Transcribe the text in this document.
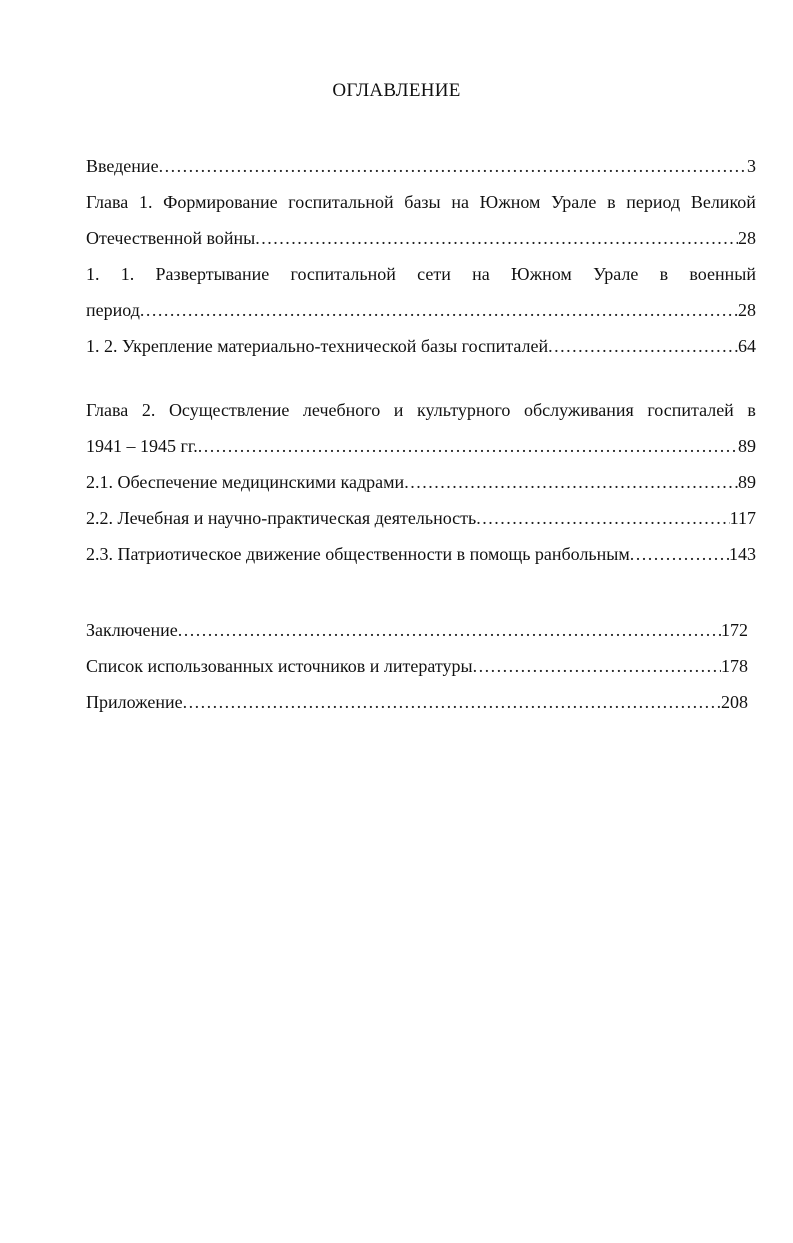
ОГЛАВЛЕНИЕ
Введение . . .	3
Глава 1. Формирование госпитальной базы на Южном Урале в период Великой
Отечественной войны . . .	28
1. 1. Развертывание госпитальной сети на Южном Урале в военный
период . . .	28
1. 2. Укрепление материально-технической базы госпиталей . . .	64
Глава 2. Осуществление лечебного и культурного обслуживания госпиталей в
1941 – 1945 гг. . . .	89
2.1. Обеспечение медицинскими кадрами . . .	89
2.2. Лечебная и научно-практическая деятельность . . .	117
2.3. Патриотическое движение общественности в помощь ранбольным . . .	143
Заключение . . .	172
Список использованных источников и литературы . . .	178
Приложение . . .	208
